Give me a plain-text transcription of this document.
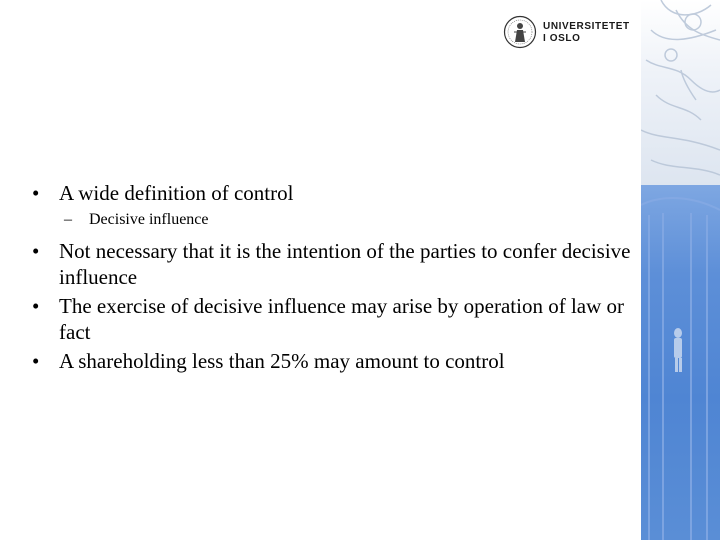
UNIVERSITETET
I OSLO
• A wide definition of control
– Decisive influence
• Not necessary that it is the intention of the parties to confer decisive influence
• The exercise of decisive influence may arise by operation of law or fact
• A shareholding less than 25% may amount to control
